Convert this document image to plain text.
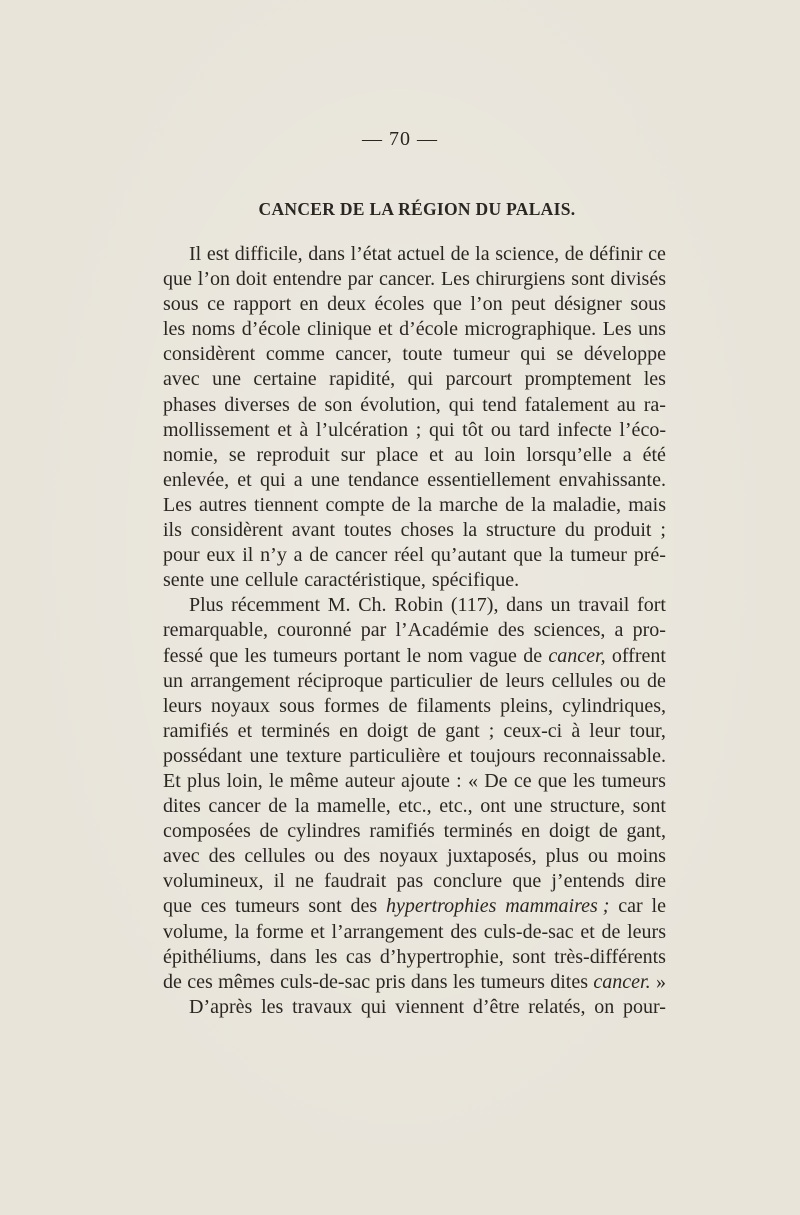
— 70 —
CANCER DE LA RÉGION DU PALAIS.
Il est difficile, dans l’état actuel de la science, de définir ce
que l’on doit entendre par cancer. Les chirurgiens sont divisés
sous ce rapport en deux écoles que l’on peut désigner sous
les noms d’école clinique et d’école micrographique. Les uns
considèrent comme cancer, toute tumeur qui se développe
avec une certaine rapidité, qui parcourt promptement les
phases diverses de son évolution, qui tend fatalement au ra-
mollissement et à l’ulcération ; qui tôt ou tard infecte l’éco-
nomie, se reproduit sur place et au loin lorsqu’elle a été
enlevée, et qui a une tendance essentiellement envahissante.
Les autres tiennent compte de la marche de la maladie, mais
ils considèrent avant toutes choses la structure du produit ;
pour eux il n’y a de cancer réel qu’autant que la tumeur pré-
sente une cellule caractéristique, spécifique.
Plus récemment M. Ch. Robin (117), dans un travail fort
remarquable, couronné par l’Académie des sciences, a pro-
fessé que les tumeurs portant le nom vague de cancer, offrent
un arrangement réciproque particulier de leurs cellules ou de
leurs noyaux sous formes de filaments pleins, cylindriques,
ramifiés et terminés en doigt de gant ; ceux-ci à leur tour,
possédant une texture particulière et toujours reconnaissable.
Et plus loin, le même auteur ajoute : « De ce que les tumeurs
dites cancer de la mamelle, etc., etc., ont une structure, sont
composées de cylindres ramifiés terminés en doigt de gant,
avec des cellules ou des noyaux juxtaposés, plus ou moins
volumineux, il ne faudrait pas conclure que j’entends dire
que ces tumeurs sont des hypertrophies mammaires ; car le
volume, la forme et l’arrangement des culs-de-sac et de leurs
épithéliums, dans les cas d’hypertrophie, sont très-différents
de ces mêmes culs-de-sac pris dans les tumeurs dites cancer. »
D’après les travaux qui viennent d’être relatés, on pour-
